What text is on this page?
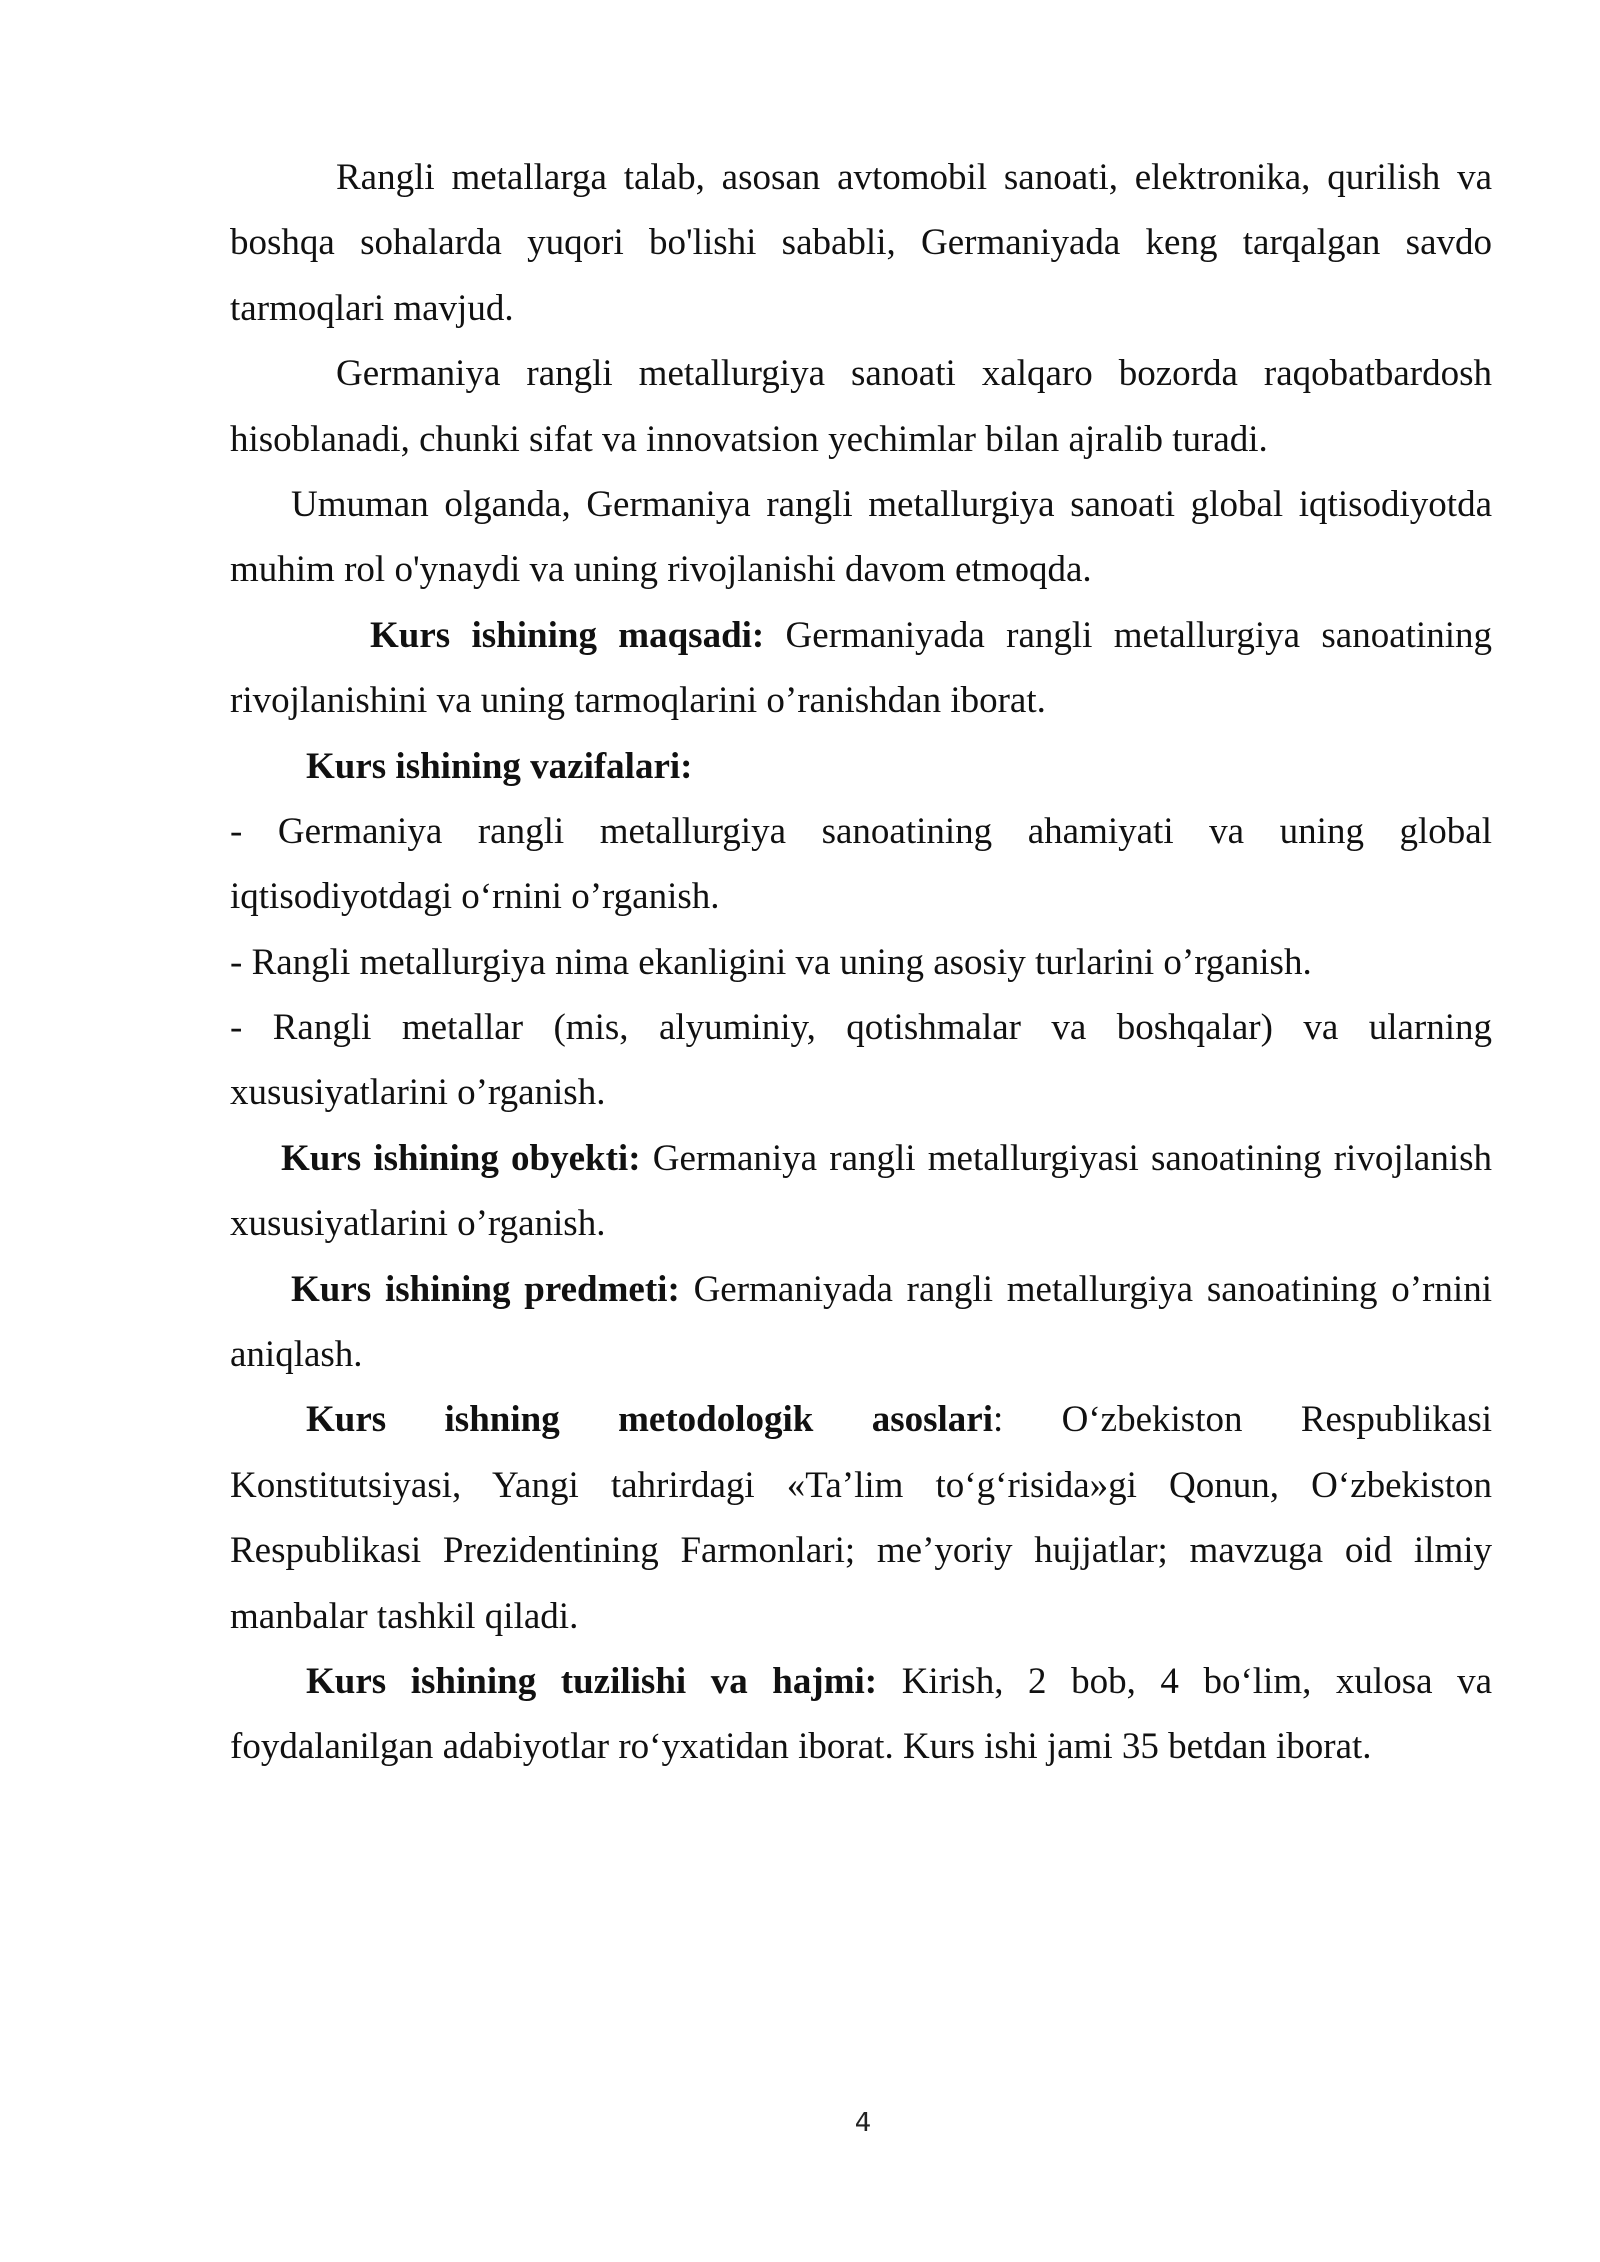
Rangli metallarga talab, asosan avtomobil sanoati, elektronika, qurilish va
boshqa sohalarda yuqori bo'lishi sababli, Germaniyada keng tarqalgan savdo
tarmoqlari mavjud.
Germaniya rangli metallurgiya sanoati xalqaro bozorda raqobatbardosh
hisoblanadi, chunki sifat va innovatsion yechimlar bilan ajralib turadi.
Umuman olganda, Germaniya rangli metallurgiya sanoati global iqtisodiyotda
muhim rol o'ynaydi va uning rivojlanishi davom etmoqda.
Kurs ishining maqsadi: Germaniyada rangli metallurgiya sanoatining
rivojlanishini va uning tarmoqlarini o’ranishdan iborat.
Kurs ishining vazifalari:
- Germaniya rangli metallurgiya sanoatining ahamiyati va uning global
iqtisodiyotdagi o‘rnini o’rganish.
- Rangli metallurgiya nima ekanligini va uning asosiy turlarini o’rganish.
- Rangli metallar (mis, alyuminiy, qotishmalar va boshqalar) va ularning
xususiyatlarini o’rganish.
Kurs ishining obyekti: Germaniya rangli metallurgiyasi sanoatining rivojlanish
xususiyatlarini o’rganish.
Kurs ishining predmeti: Germaniyada rangli metallurgiya sanoatining o’rnini
aniqlash.
Kurs ishning metodologik asoslari: O‘zbekiston Respublikasi
Konstitutsiyasi, Yangi tahrirdagi «Ta’lim to‘g‘risida»gi Qonun, O‘zbekiston
Respublikasi Prezidentining Farmonlari; me’yoriy hujjatlar; mavzuga oid ilmiy
manbalar tashkil qiladi.
Kurs ishining tuzilishi va hajmi: Kirish, 2 bob, 4 bo‘lim, xulosa va
foydalanilgan adabiyotlar ro‘yxatidan iborat. Kurs ishi jami 35 betdan iborat.
4
